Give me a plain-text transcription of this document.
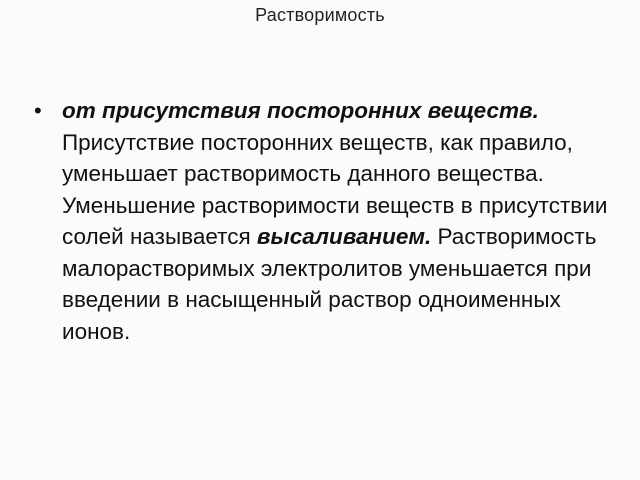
Растворимость
• от присутствия посторонних веществ. Присутствие посторонних веществ, как правило, уменьшает растворимость данного вещества. Уменьшение растворимости веществ в присутствии солей называется высаливанием. Растворимость малорастворимых электролитов уменьшается при введении в насыщенный раствор одноименных ионов.
